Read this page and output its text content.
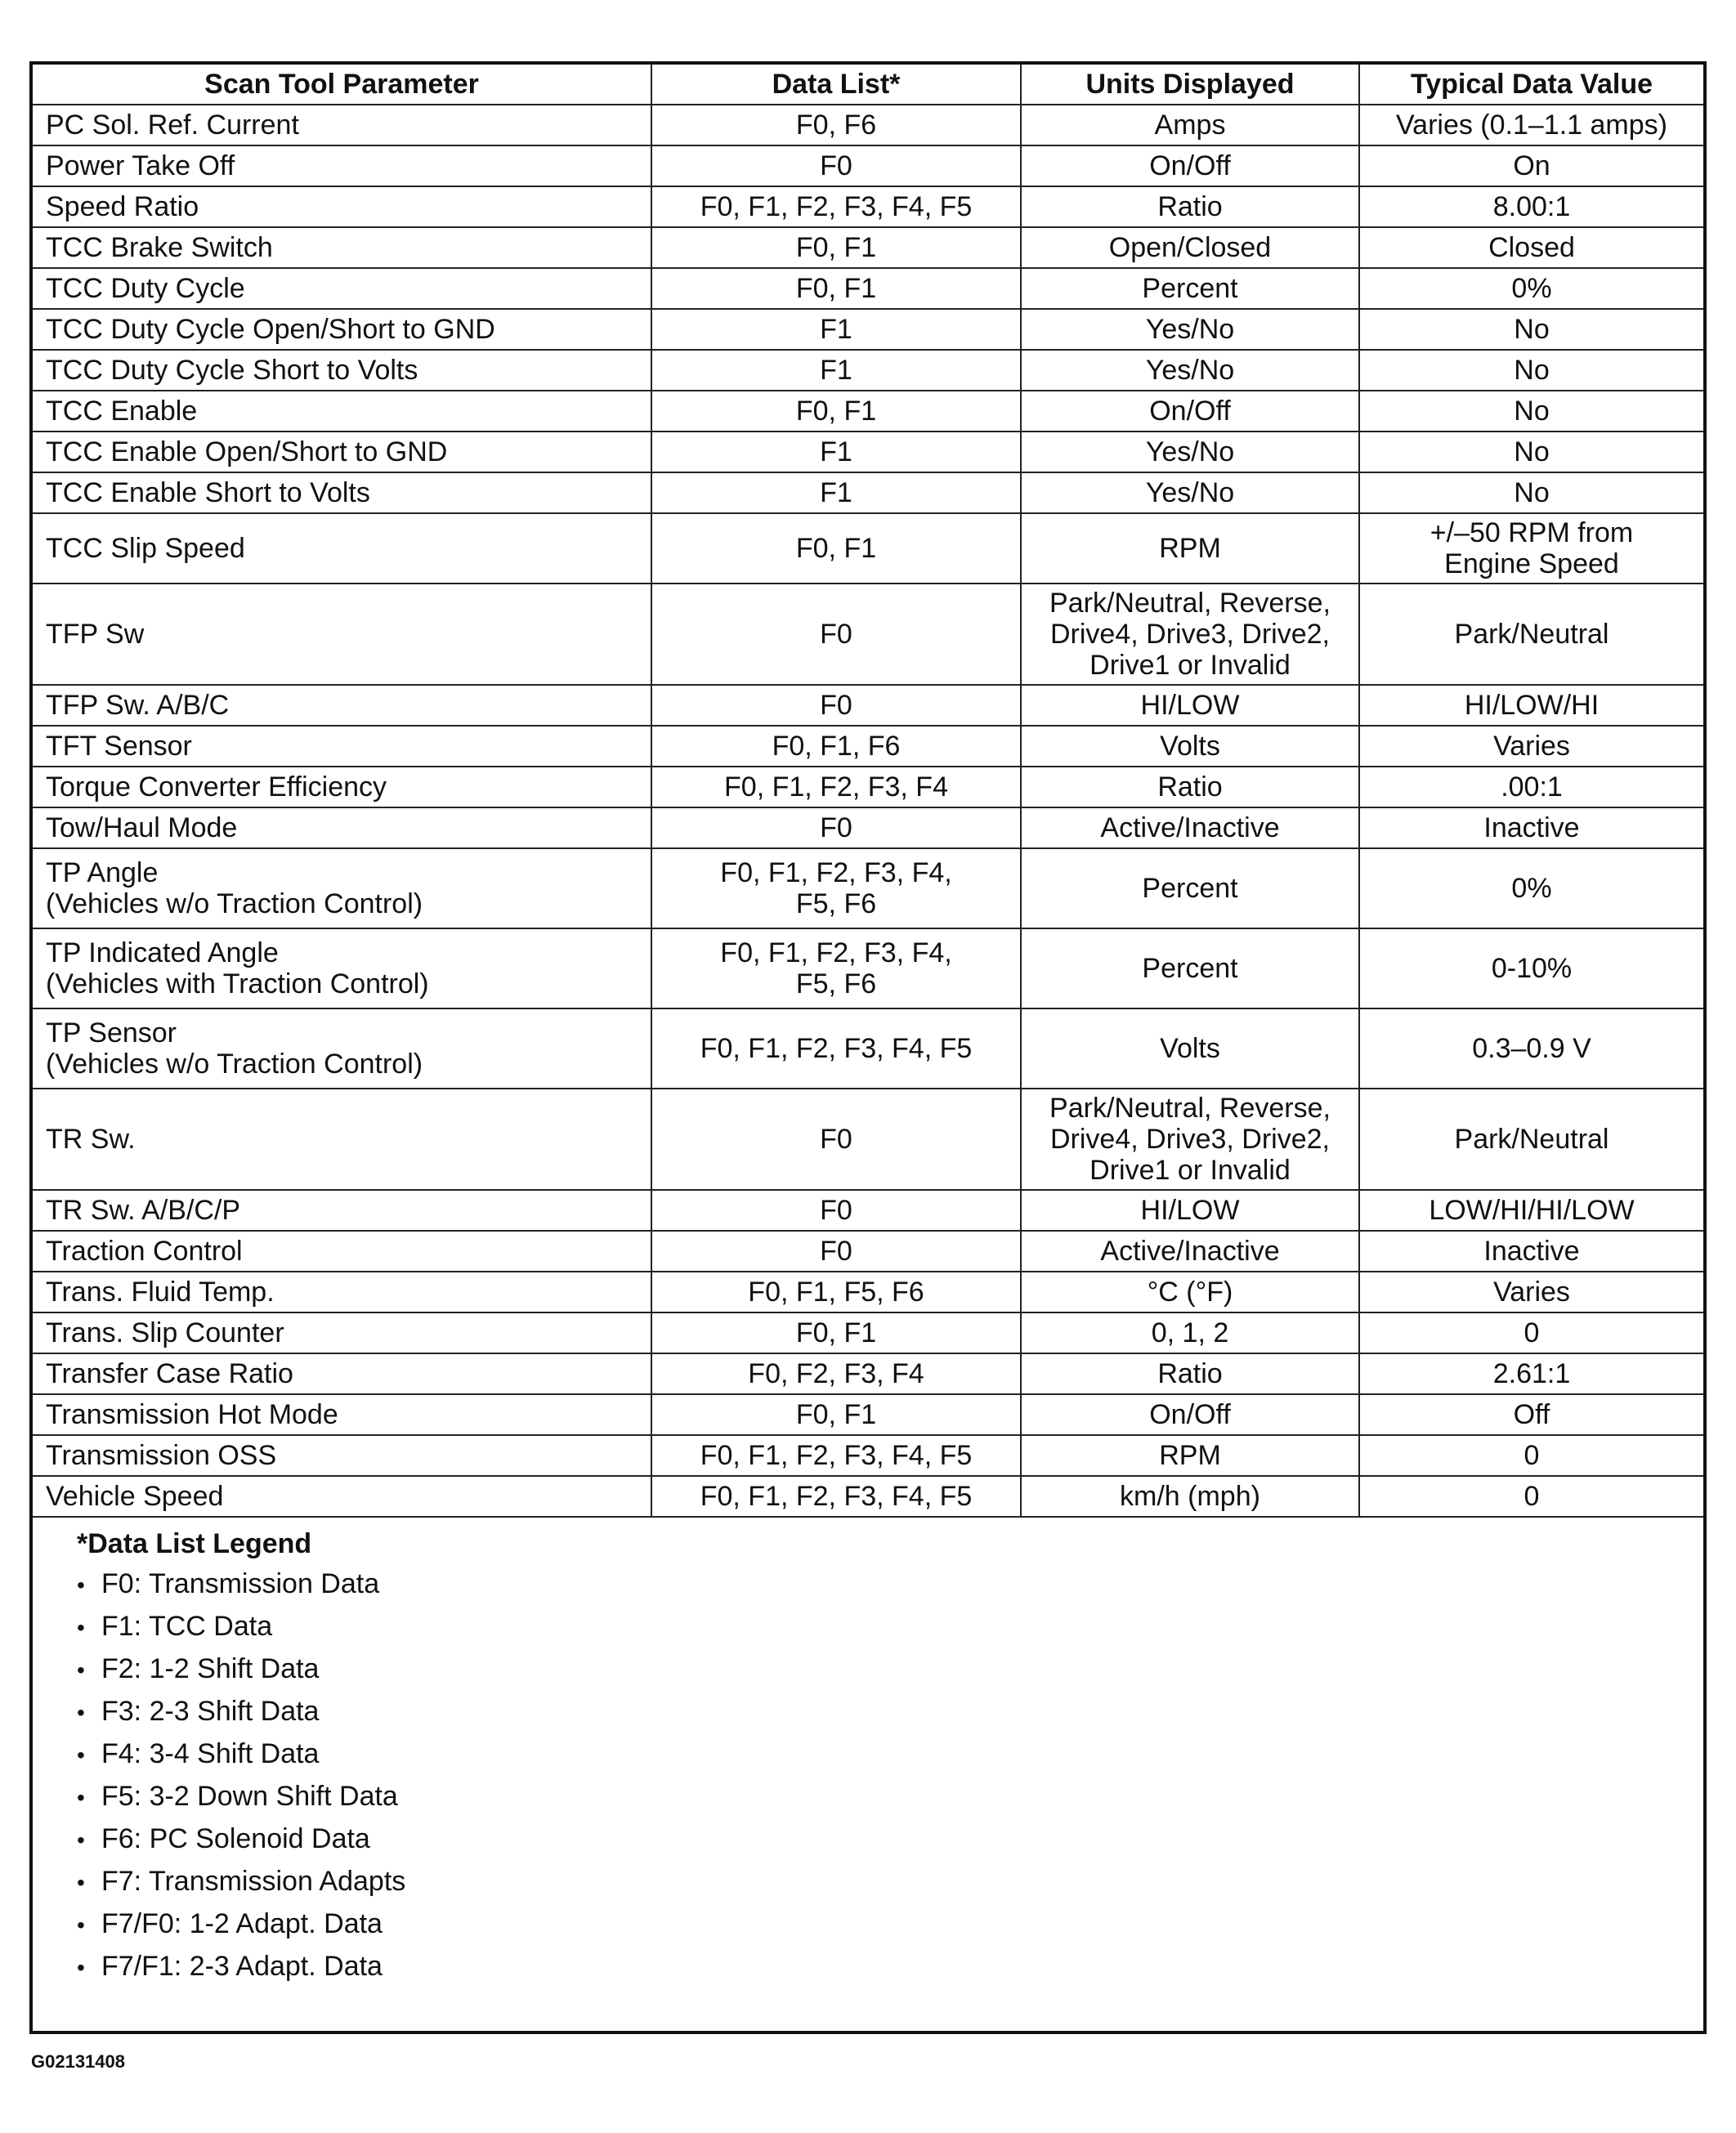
Scan Tool Parameter	Data List*	Units Displayed	Typical Data Value

PC Sol. Ref. Current	F0, F6	Amps	Varies (0.1–1.1 amps)

Power Take Off	F0	On/Off	On

Speed Ratio	F0, F1, F2, F3, F4, F5	Ratio	8.00:1

TCC Brake Switch	F0, F1	Open/Closed	Closed

TCC Duty Cycle	F0, F1	Percent	0%

TCC Duty Cycle Open/Short to GND	F1	Yes/No	No

TCC Duty Cycle Short to Volts	F1	Yes/No	No

TCC Enable	F0, F1	On/Off	No

TCC Enable Open/Short to GND	F1	Yes/No	No

TCC Enable Short to Volts	F1	Yes/No	No

TCC Slip Speed	F0, F1	RPM	+/–50 RPM from
Engine Speed

TFP Sw	F0	Park/Neutral, Reverse,
Drive4, Drive3, Drive2,
Drive1 or Invalid	Park/Neutral

TFP Sw. A/B/C	F0	HI/LOW	HI/LOW/HI

TFT Sensor	F0, F1, F6	Volts	Varies

Torque Converter Efficiency	F0, F1, F2, F3, F4	Ratio	.00:1

Tow/Haul Mode	F0	Active/Inactive	Inactive

TP Angle
(Vehicles w/o Traction Control)	F0, F1, F2, F3, F4,
F5, F6	Percent	0%

TP Indicated Angle
(Vehicles with Traction Control)	F0, F1, F2, F3, F4,
F5, F6	Percent	0-10%

TP Sensor
(Vehicles w/o Traction Control)	F0, F1, F2, F3, F4, F5	Volts	0.3–0.9 V

TR Sw.	F0	Park/Neutral, Reverse,
Drive4, Drive3, Drive2,
Drive1 or Invalid	Park/Neutral

TR Sw. A/B/C/P	F0	HI/LOW	LOW/HI/HI/LOW

Traction Control	F0	Active/Inactive	Inactive

Trans. Fluid Temp.	F0, F1, F5, F6	°C (°F)	Varies

Trans. Slip Counter	F0, F1	0, 1, 2	0

Transfer Case Ratio	F0, F2, F3, F4	Ratio	2.61:1

Transmission Hot Mode	F0, F1	On/Off	Off

Transmission OSS	F0, F1, F2, F3, F4, F5	RPM	0

Vehicle Speed	F0, F1, F2, F3, F4, F5	km/h (mph)	0
*Data List Legend
• F0: Transmission Data
• F1: TCC Data
• F2: 1-2 Shift Data
• F3: 2-3 Shift Data
• F4: 3-4 Shift Data
• F5: 3-2 Down Shift Data
• F6: PC Solenoid Data
• F7: Transmission Adapts
• F7/F0: 1-2 Adapt. Data
• F7/F1: 2-3 Adapt. Data
G02131408
